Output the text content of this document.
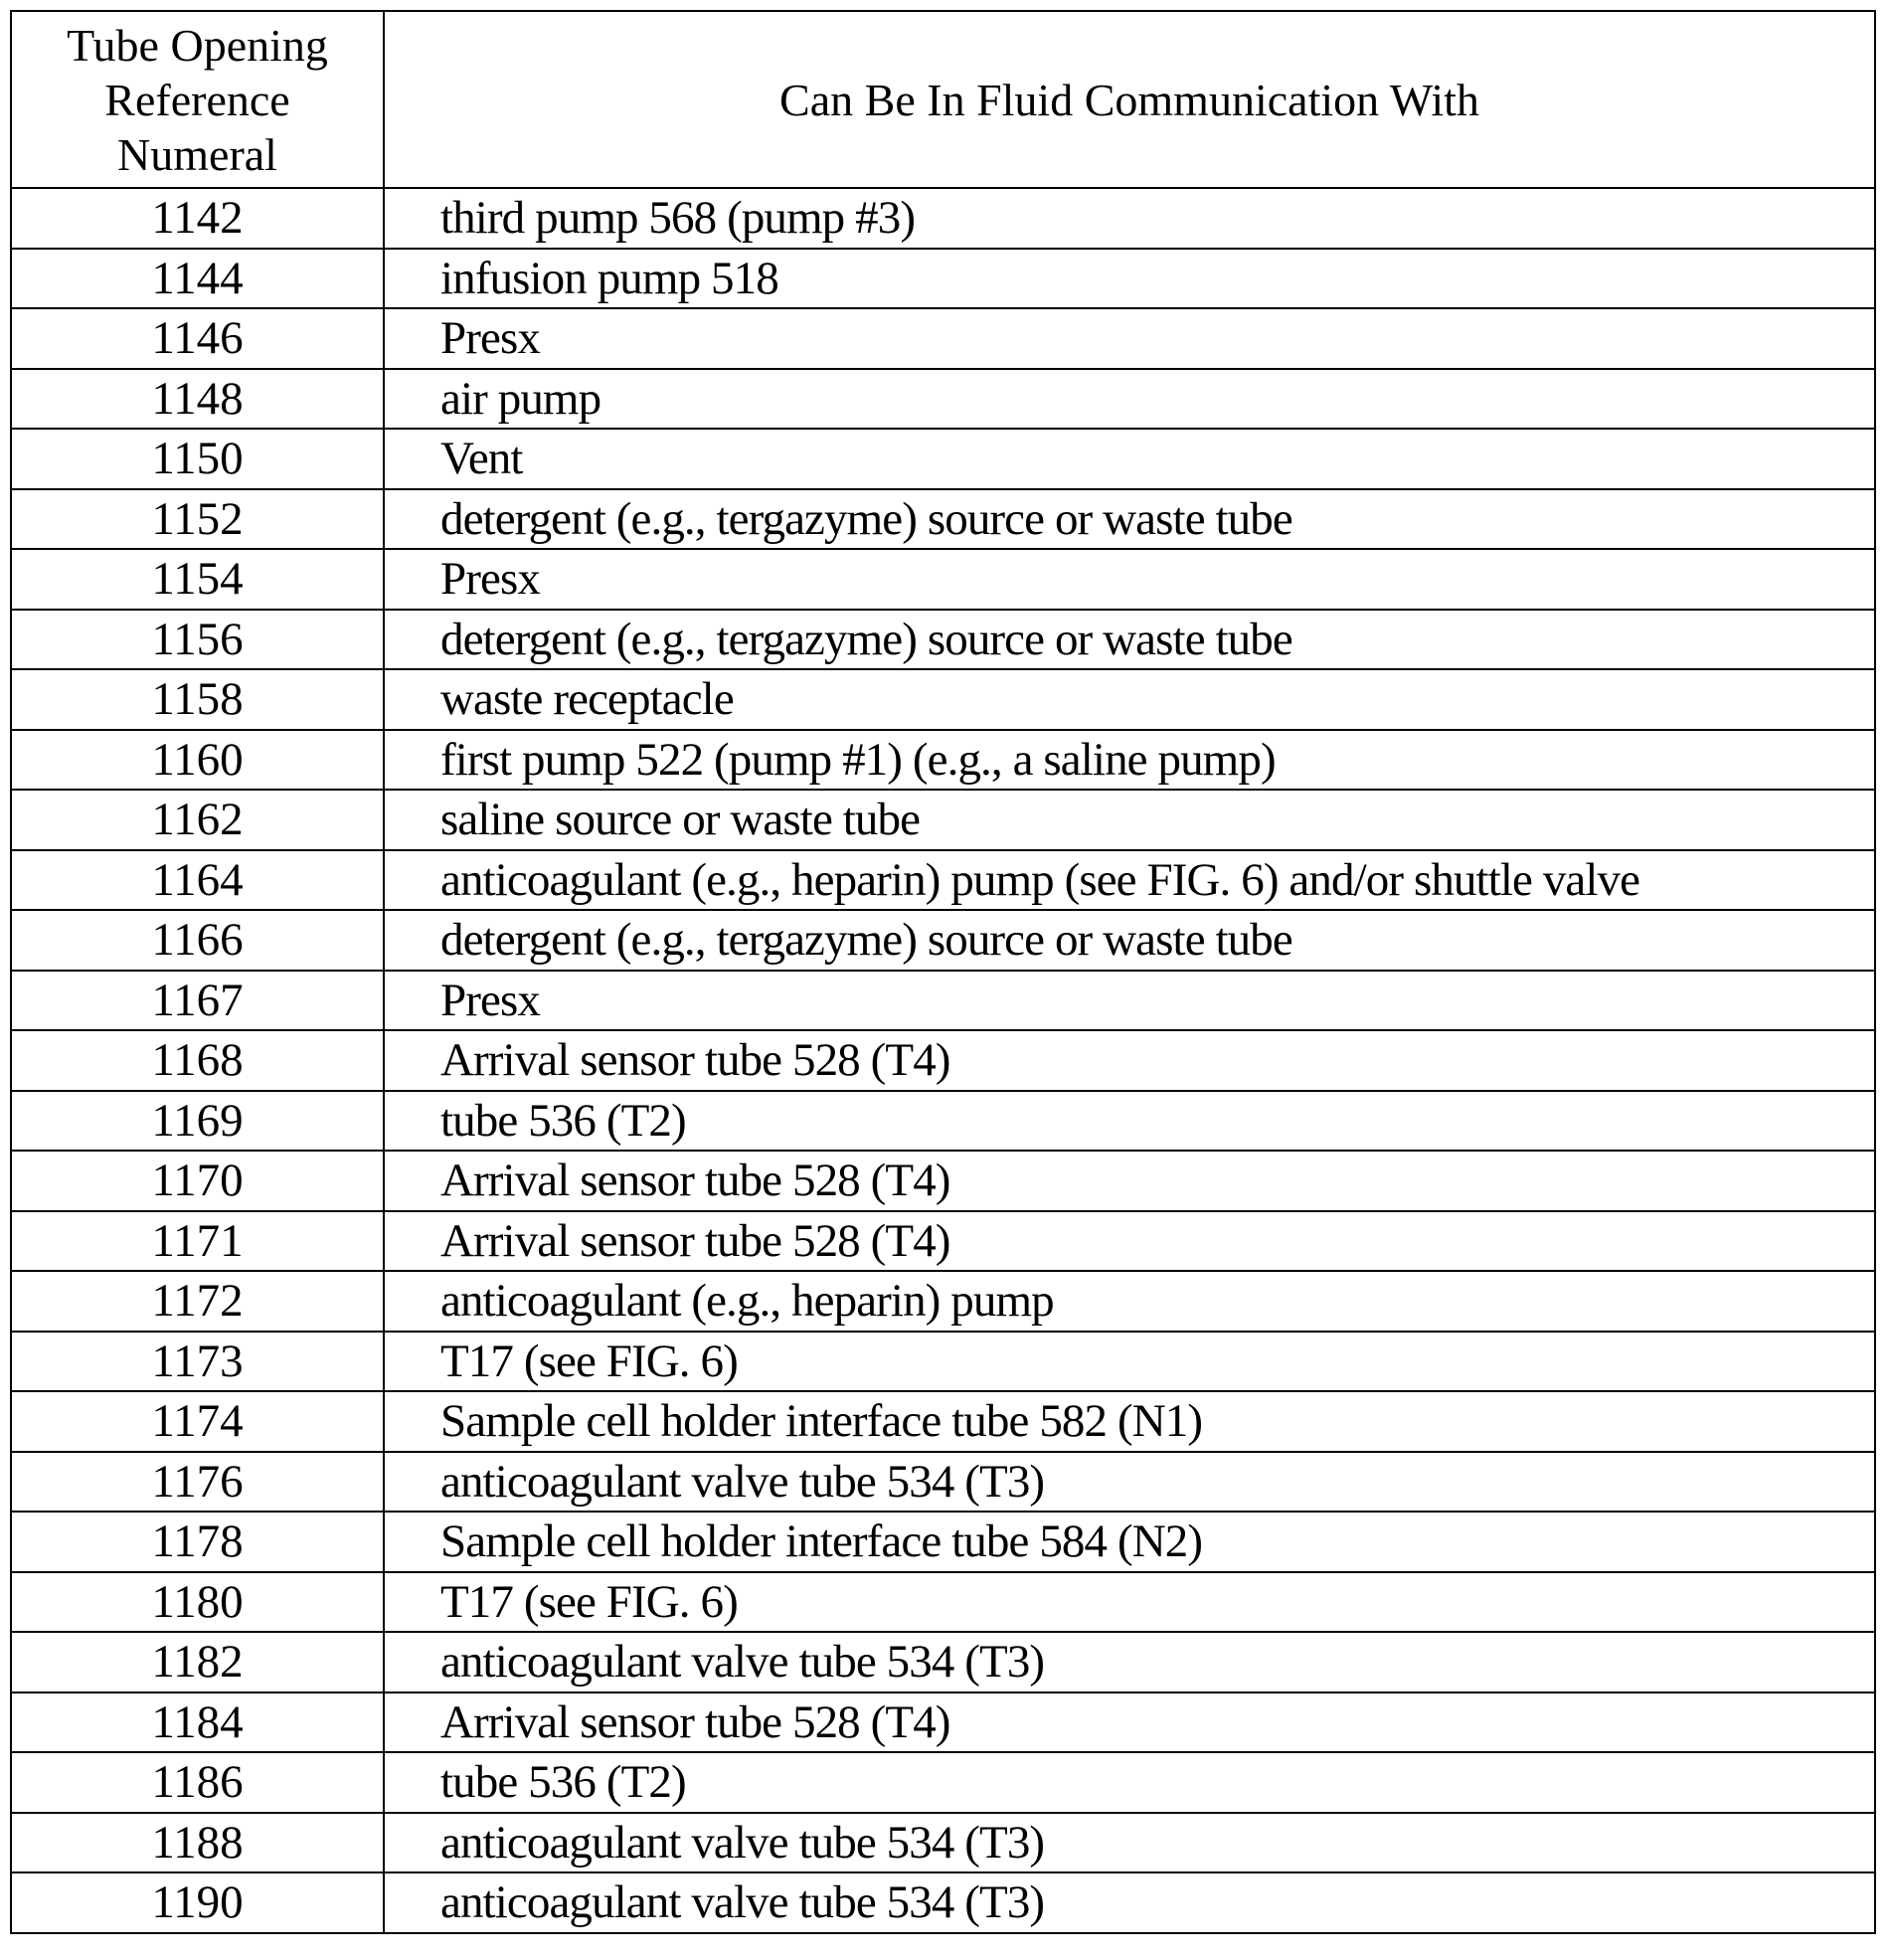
Tube Opening Reference Numeral	Can Be In Fluid Communication With
1142	third pump 568 (pump #3)
1144	infusion pump 518
1146	Presx
1148	air pump
1150	Vent
1152	detergent (e.g., tergazyme) source or waste tube
1154	Presx
1156	detergent (e.g., tergazyme) source or waste tube
1158	waste receptacle
1160	first pump 522 (pump #1) (e.g., a saline pump)
1162	saline source or waste tube
1164	anticoagulant (e.g., heparin) pump (see FIG. 6) and/or shuttle valve
1166	detergent (e.g., tergazyme) source or waste tube
1167	Presx
1168	Arrival sensor tube 528 (T4)
1169	tube 536 (T2)
1170	Arrival sensor tube 528 (T4)
1171	Arrival sensor tube 528 (T4)
1172	anticoagulant (e.g., heparin) pump
1173	T17 (see FIG. 6)
1174	Sample cell holder interface tube 582 (N1)
1176	anticoagulant valve tube 534 (T3)
1178	Sample cell holder interface tube 584 (N2)
1180	T17 (see FIG. 6)
1182	anticoagulant valve tube 534 (T3)
1184	Arrival sensor tube 528 (T4)
1186	tube 536 (T2)
1188	anticoagulant valve tube 534 (T3)
1190	anticoagulant valve tube 534 (T3)
